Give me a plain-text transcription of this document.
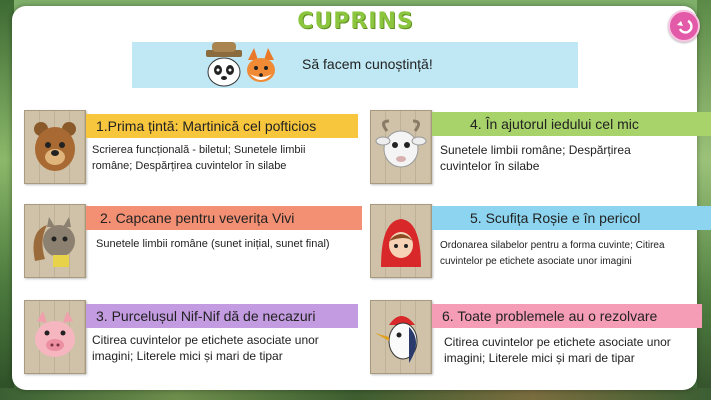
CUPRINS
Să facem cunoștință!
1.Prima țintă: Martinică cel pofticios
Scrierea funcțională - biletul; Sunetele limbii române; Despărțirea cuvintelor în silabe
2. Capcane pentru veverița Vivi
Sunetele limbii române (sunet inițial, sunet final)
3. Purcelușul Nif-Nif dă de necazuri
Citirea cuvintelor pe etichete asociate unor imagini; Literele mici și mari de tipar
4. În ajutorul iedului cel mic
Sunetele limbii române; Despărțirea cuvintelor în silabe
5. Scufița Roșie e în pericol
Ordonarea silabelor pentru a forma cuvinte; Citirea cuvintelor pe etichete asociate unor imagini
6. Toate problemele au o rezolvare
Citirea cuvintelor pe etichete asociate unor imagini; Literele mici și mari de tipar
